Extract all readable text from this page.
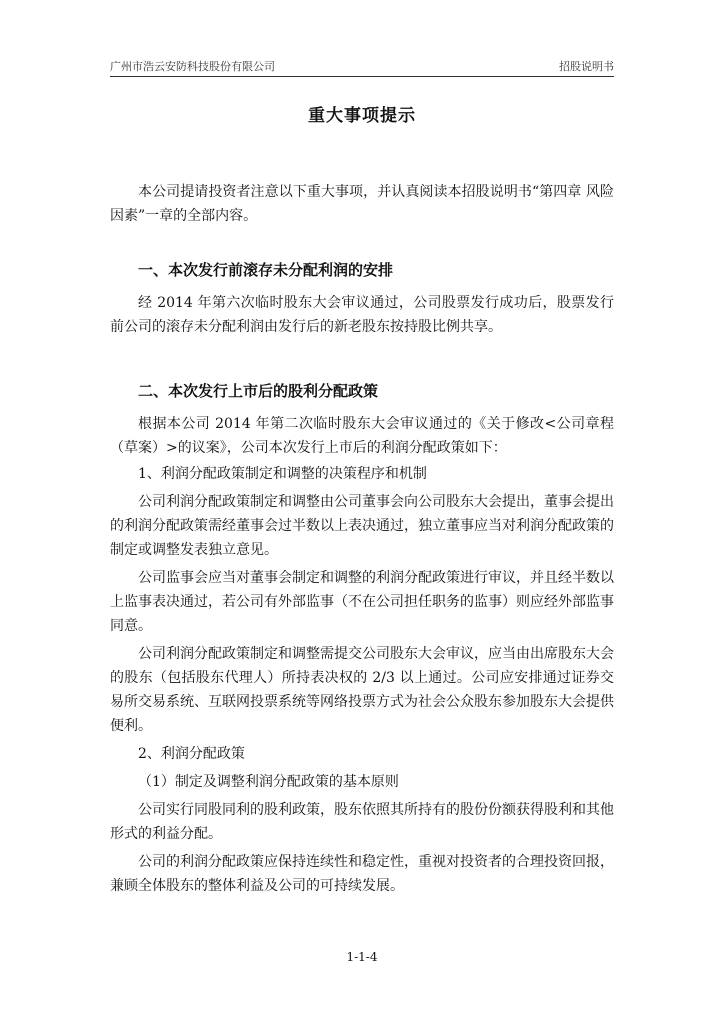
广州市浩云安防科技股份有限公司	招股说明书
重大事项提示

本公司提请投资者注意以下重大事项，并认真阅读本招股说明书“第四章 风险因素”一章的全部内容。

一、本次发行前滚存未分配利润的安排

经 2014 年第六次临时股东大会审议通过，公司股票发行成功后，股票发行前公司的滚存未分配利润由发行后的新老股东按持股比例共享。

二、本次发行上市后的股利分配政策

根据本公司 2014 年第二次临时股东大会审议通过的《关于修改<公司章程（草案）>的议案》，公司本次发行上市后的利润分配政策如下：

1、利润分配政策制定和调整的决策程序和机制

公司利润分配政策制定和调整由公司董事会向公司股东大会提出，董事会提出的利润分配政策需经董事会过半数以上表决通过，独立董事应当对利润分配政策的制定或调整发表独立意见。

公司监事会应当对董事会制定和调整的利润分配政策进行审议，并且经半数以上监事表决通过，若公司有外部监事（不在公司担任职务的监事）则应经外部监事同意。

公司利润分配政策制定和调整需提交公司股东大会审议，应当由出席股东大会的股东（包括股东代理人）所持表决权的 2/3 以上通过。公司应安排通过证券交易所交易系统、互联网投票系统等网络投票方式为社会公众股东参加股东大会提供便利。

2、利润分配政策

（1）制定及调整利润分配政策的基本原则

公司实行同股同利的股利政策，股东依照其所持有的股份份额获得股利和其他形式的利益分配。

公司的利润分配政策应保持连续性和稳定性，重视对投资者的合理投资回报，兼顾全体股东的整体利益及公司的可持续发展。

1-1-4
